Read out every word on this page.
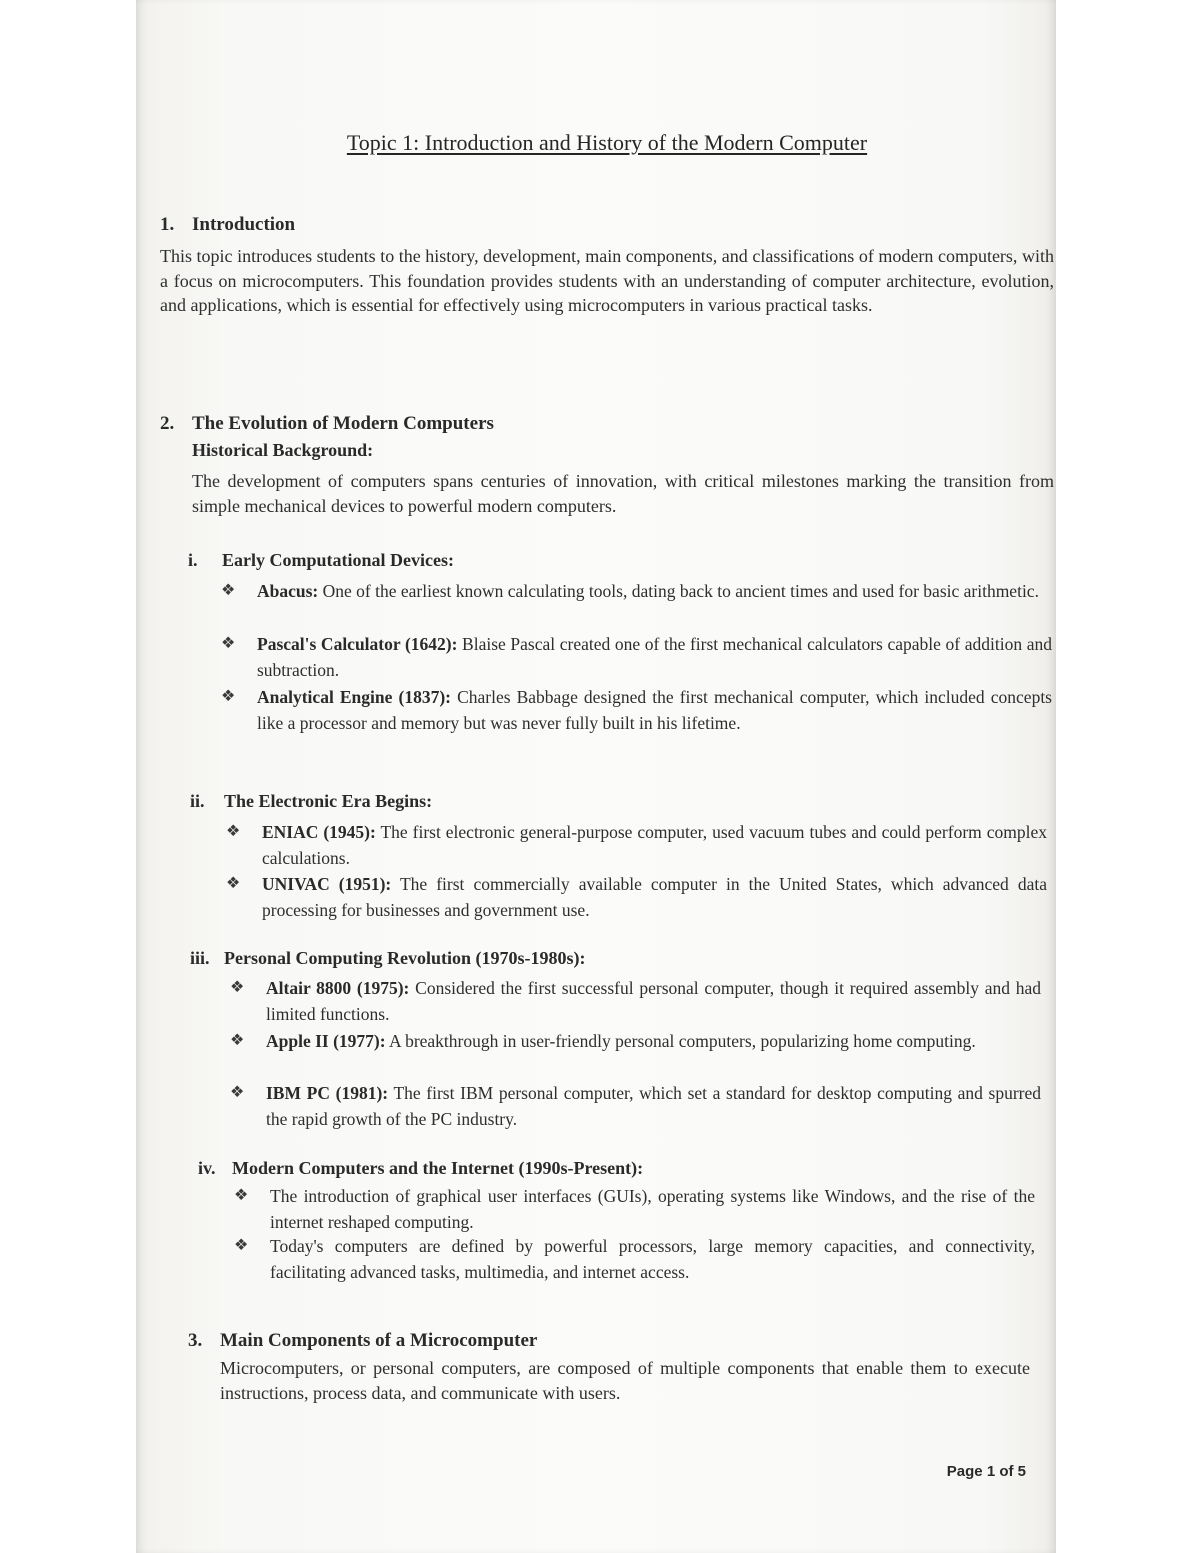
Topic 1: Introduction and History of the Modern Computer
1. Introduction
This topic introduces students to the history, development, main components, and classifications of modern computers, with a focus on microcomputers. This foundation provides students with an understanding of computer architecture, evolution, and applications, which is essential for effectively using microcomputers in various practical tasks.
2. The Evolution of Modern Computers
Historical Background:
The development of computers spans centuries of innovation, with critical milestones marking the transition from simple mechanical devices to powerful modern computers.
i. Early Computational Devices:
❖ Abacus: One of the earliest known calculating tools, dating back to ancient times and used for basic arithmetic.
❖ Pascal's Calculator (1642): Blaise Pascal created one of the first mechanical calculators capable of addition and subtraction.
❖ Analytical Engine (1837): Charles Babbage designed the first mechanical computer, which included concepts like a processor and memory but was never fully built in his lifetime.
ii. The Electronic Era Begins:
❖ ENIAC (1945): The first electronic general-purpose computer, used vacuum tubes and could perform complex calculations.
❖ UNIVAC (1951): The first commercially available computer in the United States, which advanced data processing for businesses and government use.
iii. Personal Computing Revolution (1970s-1980s):
❖ Altair 8800 (1975): Considered the first successful personal computer, though it required assembly and had limited functions.
❖ Apple II (1977): A breakthrough in user-friendly personal computers, popularizing home computing.
❖ IBM PC (1981): The first IBM personal computer, which set a standard for desktop computing and spurred the rapid growth of the PC industry.
iv. Modern Computers and the Internet (1990s-Present):
❖ The introduction of graphical user interfaces (GUIs), operating systems like Windows, and the rise of the internet reshaped computing.
❖ Today's computers are defined by powerful processors, large memory capacities, and connectivity, facilitating advanced tasks, multimedia, and internet access.
3. Main Components of a Microcomputer
Microcomputers, or personal computers, are composed of multiple components that enable them to execute instructions, process data, and communicate with users.
Page 1 of 5
